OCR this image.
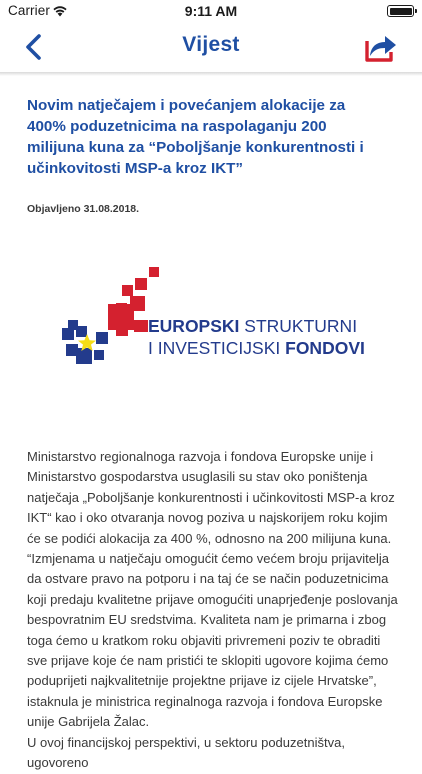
Carrier	9:11 AM
Vijest
Novim natječajem i povećanjem alokacije za 400% poduzetnicima na raspolaganju 200 milijuna kuna za “Poboljšanje konkurentnosti i učinkovitosti MSP-a kroz IKT”
Objavljeno 31.08.2018.
EUROPSKI STRUKTURNI
I INVESTICIJSKI FONDOVI

Ministarstvo regionalnoga razvoja i fondova Europske unije i Ministarstvo gospodarstva usuglasili su stav oko poništenja natječaja „Poboljšanje konkurentnosti i učinkovitosti MSP-a kroz IKT“ kao i oko otvaranja novog poziva u najskorijem roku kojim će se podići alokacija za 400 %, odnosno na 200 milijuna kuna. “Izmjenama u natječaju omogućit ćemo većem broju prijavitelja da ostvare pravo na potporu i na taj će se način poduzetnicima koji predaju kvalitetne prijave omogućiti unaprjeđenje poslovanja bespovratnim EU sredstvima. Kvaliteta nam je primarna i zbog toga ćemo u kratkom roku objaviti privremeni poziv te obraditi sve prijave koje će nam pristići te sklopiti ugovore kojima ćemo poduprijeti najkvalitetnije projektne prijave iz cijele Hrvatske”, istaknula je ministrica reginalnoga razvoja i fondova Europske unije Gabrijela Žalac.
U ovoj financijskoj perspektivi, u sektoru poduzetništva, ugovoreno
